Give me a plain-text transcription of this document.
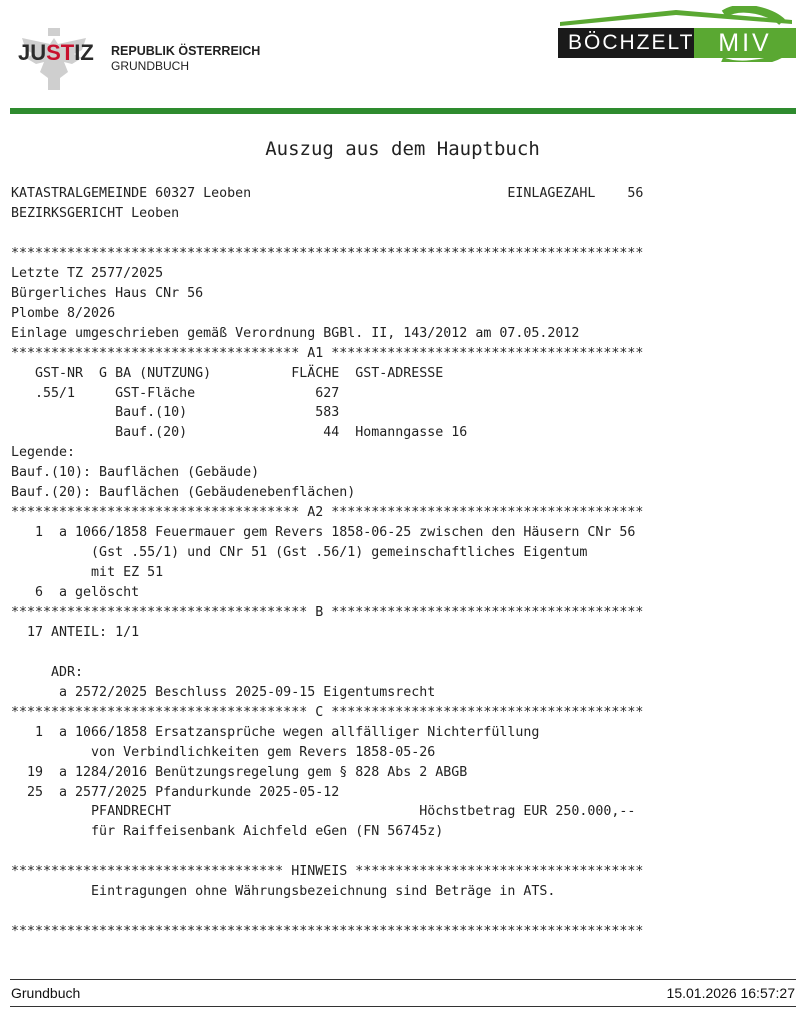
JUSTIZ REPUBLIK ÖSTERREICH
GRUNDBUCH
BÖCHZELT MIV
Auszug aus dem Hauptbuch
KATASTRALGEMEINDE 60327 Leoben                                EINLAGEZAHL    56
BEZIRKSGERICHT Leoben
*******************************************************************************
Letzte TZ 2577/2025
Bürgerliches Haus CNr 56
Plombe 8/2026
Einlage umgeschrieben gemäß Verordnung BGBl. II, 143/2012 am 07.05.2012
************************************ A1 ***************************************
GST-NR  G BA (NUTZUNG)          FLÄCHE  GST-ADRESSE
.55/1     GST-Fläche               627
Bauf.(10)                583
Bauf.(20)                 44  Homanngasse 16
Legende:
Bauf.(10): Bauflächen (Gebäude)
Bauf.(20): Bauflächen (Gebäudenebenflächen)
************************************ A2 ***************************************
1  a 1066/1858 Feuermauer gem Revers 1858-06-25 zwischen den Häusern CNr 56
(Gst .55/1) und CNr 51 (Gst .56/1) gemeinschaftliches Eigentum
mit EZ 51
6  a gelöscht
************************************* B ***************************************
17 ANTEIL: 1/1
ADR:
a 2572/2025 Beschluss 2025-09-15 Eigentumsrecht
************************************* C ***************************************
1  a 1066/1858 Ersatzansprüche wegen allfälliger Nichterfüllung
von Verbindlichkeiten gem Revers 1858-05-26
19  a 1284/2016 Benützungsregelung gem § 828 Abs 2 ABGB
25  a 2577/2025 Pfandurkunde 2025-05-12
PFANDRECHT                               Höchstbetrag EUR 250.000,--
für Raiffeisenbank Aichfeld eGen (FN 56745z)
********************************** HINWEIS ************************************
Eintragungen ohne Währungsbezeichnung sind Beträge in ATS.
*******************************************************************************
Grundbuch	15.01.2026 16:57:27
